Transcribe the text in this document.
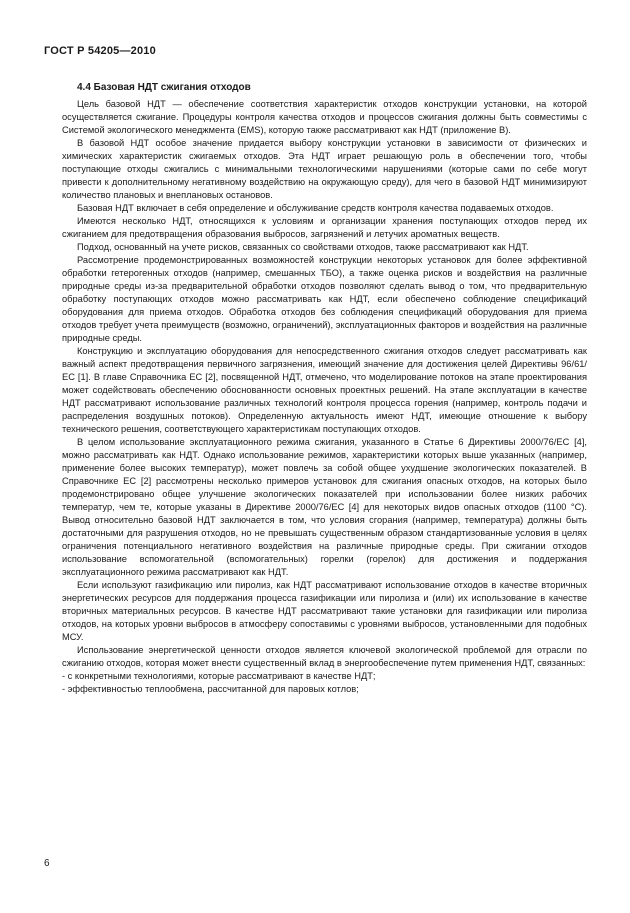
ГОСТ Р 54205—2010
4.4 Базовая НДТ сжигания отходов

Цель базовой НДТ — обеспечение соответствия характеристик отходов конструкции установки, на которой осуществляется сжигание. Процедуры контроля качества отходов и процессов сжигания должны быть совместимы с Системой экологического менеджмента (EMS), которую также рассматривают как НДТ (приложение В).

В базовой НДТ особое значение придается выбору конструкции установки в зависимости от физических и химических характеристик сжигаемых отходов. Эта НДТ играет решающую роль в обеспечении того, чтобы поступающие отходы сжигались с минимальными технологическими нарушениями (которые сами по себе могут привести к дополнительному негативному воздействию на окружающую среду), для чего в базовой НДТ минимизируют количество плановых и внеплановых остановов.

Базовая НДТ включает в себя определение и обслуживание средств контроля качества подаваемых отходов.

Имеются несколько НДТ, относящихся к условиям и организации хранения поступающих отходов перед их сжиганием для предотвращения образования выбросов, загрязнений и летучих ароматных веществ.

Подход, основанный на учете рисков, связанных со свойствами отходов, также рассматривают как НДТ.

Рассмотрение продемонстрированных возможностей конструкции некоторых установок для более эффективной обработки гетерогенных отходов (например, смешанных ТБО), а также оценка рисков и воздействия на различные природные среды из-за предварительной обработки отходов позволяют сделать вывод о том, что предварительную обработку поступающих отходов можно рассматривать как НДТ, если обеспечено соблюдение спецификаций оборудования для приема отходов. Обработка отходов без соблюдения спецификаций оборудования для приема отходов требует учета преимуществ (возможно, ограничений), эксплуатационных факторов и воздействия на различные природные среды.

Конструкцию и эксплуатацию оборудования для непосредственного сжигания отходов следует рассматривать как важный аспект предотвращения первичного загрязнения, имеющий значение для достижения целей Директивы 96/61/ЕС [1]. В главе Справочника ЕС [2], посвященной НДТ, отмечено, что моделирование потоков на этапе проектирования может содействовать обеспечению обоснованности основных проектных решений. На этапе эксплуатации в качестве НДТ рассматривают использование различных технологий контроля процесса горения (например, контроль подачи и распределения воздушных потоков). Определенную актуальность имеют НДТ, имеющие отношение к выбору технического решения, соответствующего характеристикам поступающих отходов.

В целом использование эксплуатационного режима сжигания, указанного в Статье 6 Директивы 2000/76/ЕС [4], можно рассматривать как НДТ. Однако использование режимов, характеристики которых выше указанных (например, применение более высоких температур), может повлечь за собой общее ухудшение экологических показателей. В Справочнике ЕС [2] рассмотрены несколько примеров установок для сжигания опасных отходов, на которых было продемонстрировано общее улучшение экологических показателей при использовании более низких рабочих температур, чем те, которые указаны в Директиве 2000/76/ЕС [4] для некоторых видов опасных отходов (1100 °С). Вывод относительно базовой НДТ заключается в том, что условия сгорания (например, температура) должны быть достаточными для разрушения отходов, но не превышать существенным образом стандартизованные условия в целях ограничения потенциального негативного воздействия на различные природные среды. При сжигании отходов использование вспомогательной (вспомогательных) горелки (горелок) для достижения и поддержания эксплуатационного режима рассматривают как НДТ.

Если используют газификацию или пиролиз, как НДТ рассматривают использование отходов в качестве вторичных энергетических ресурсов для поддержания процесса газификации или пиролиза и (или) их использование в качестве вторичных материальных ресурсов. В качестве НДТ рассматривают такие установки для газификации или пиролиза отходов, на которых уровни выбросов в атмосферу сопоставимы с уровнями выбросов, установленными для подобных МСУ.

Использование энергетической ценности отходов является ключевой экологической проблемой для отрасли по сжиганию отходов, которая может внести существенный вклад в энергообеспечение путем применения НДТ, связанных:

- с конкретными технологиями, которые рассматривают в качестве НДТ;

- эффективностью теплообмена, рассчитанной для паровых котлов;

6
